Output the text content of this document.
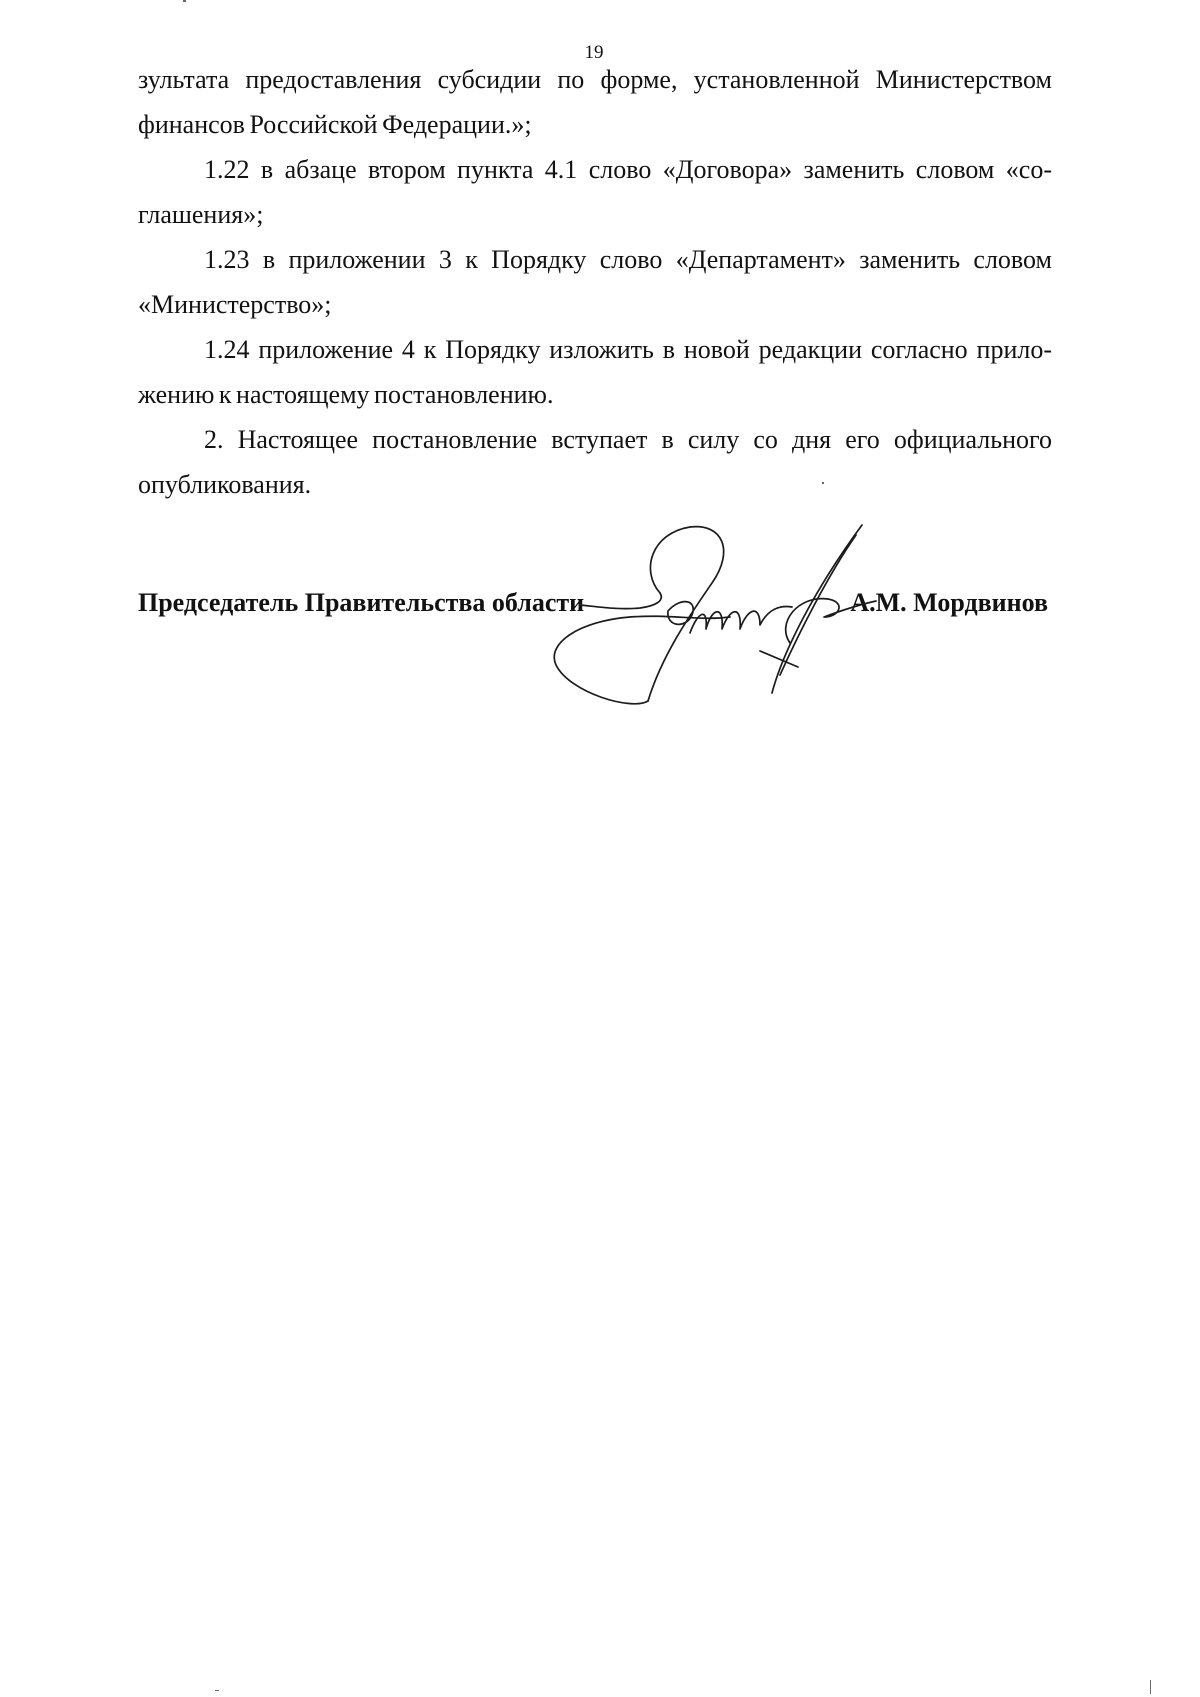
19
зультата предоставления субсидии по форме, установленной Министерством
финансов Российской Федерации.»;
1.22 в абзаце втором пункта 4.1 слово «Договора» заменить словом «со-
глашения»;
1.23 в приложении 3 к Порядку слово «Департамент» заменить словом
«Министерство»;
1.24 приложение 4 к Порядку изложить в новой редакции согласно прило-
жению к настоящему постановлению.
2. Настоящее постановление вступает в силу со дня его официального
опубликования.
Председатель Правительства области	А.М. Мордвинов
